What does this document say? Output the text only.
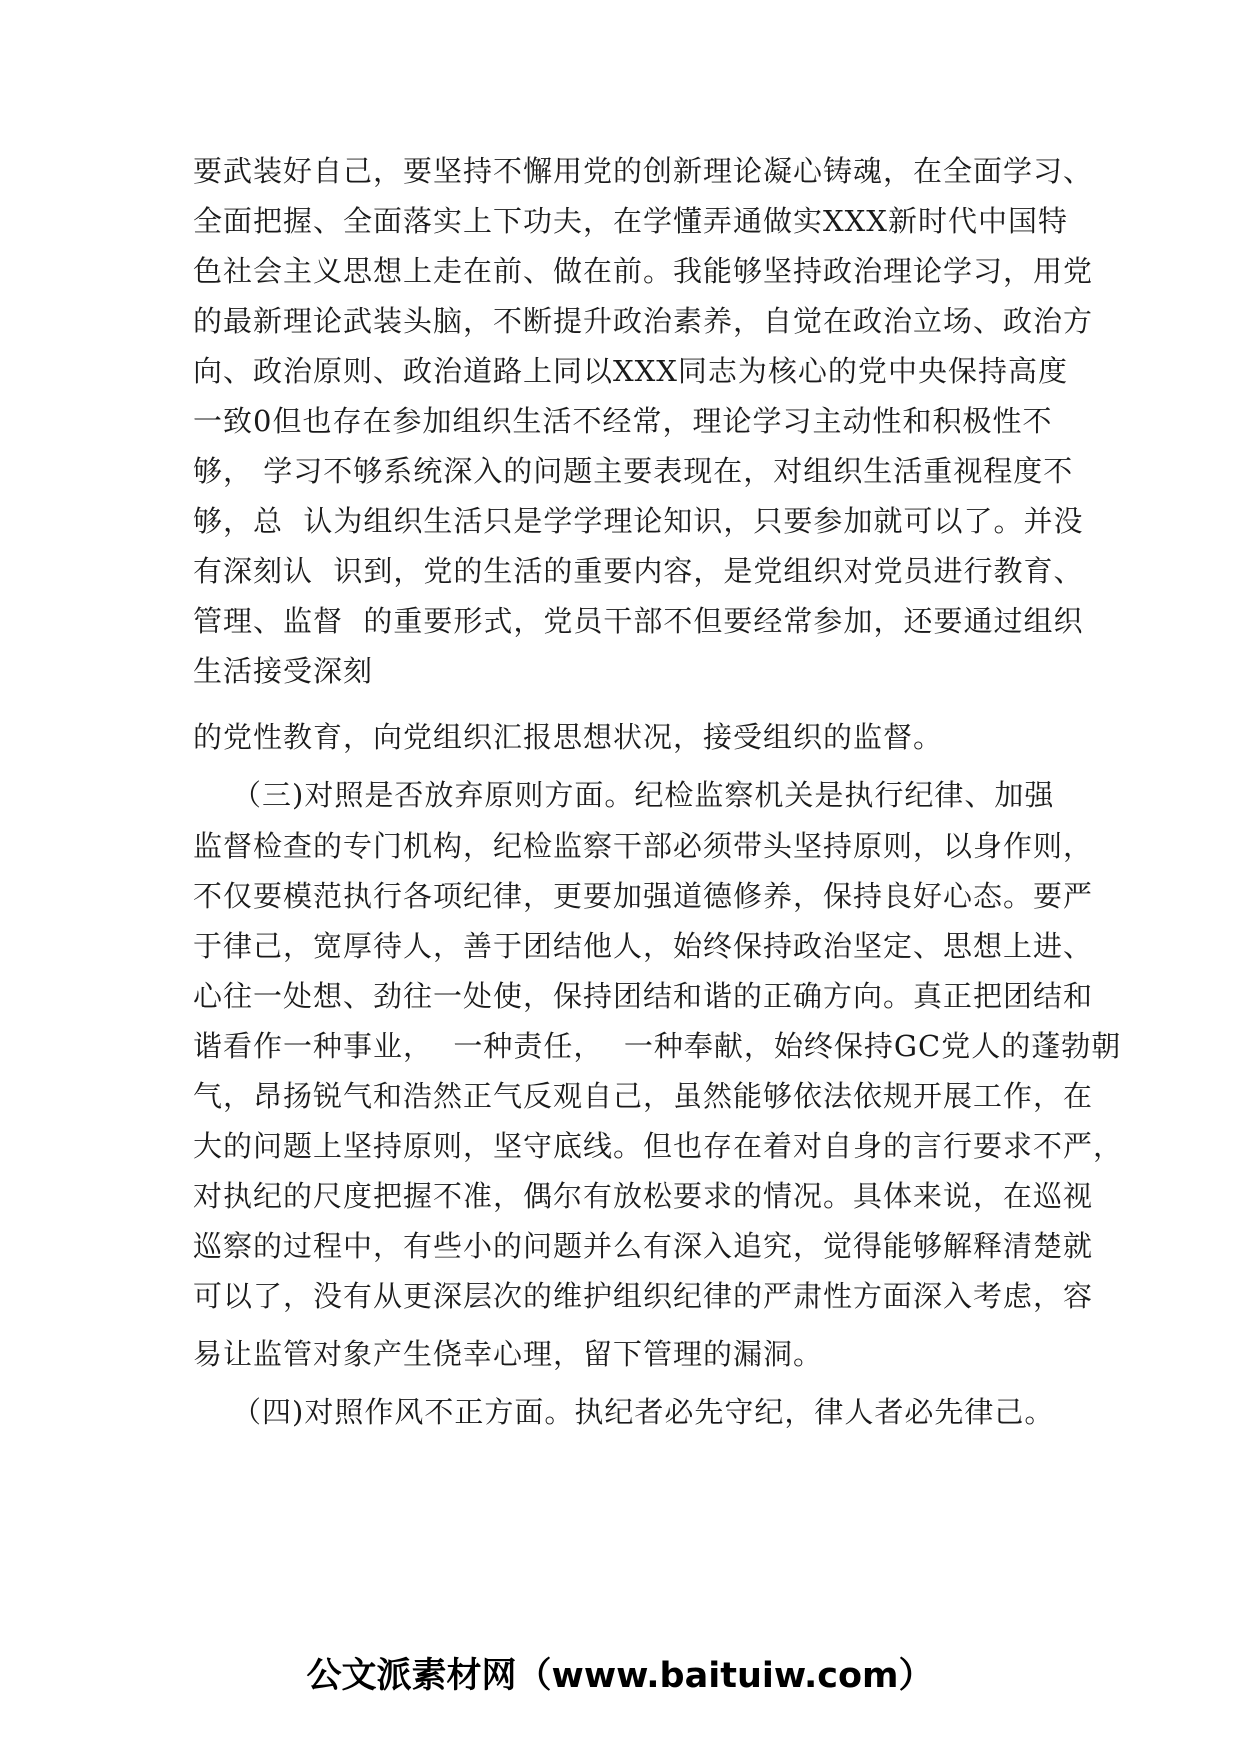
要武装好自己，要坚持不懈用党的创新理论凝心铸魂，在全面学习、
全面把握、全面落实上下功夫，在学懂弄通做实XXX新时代中国特
色社会主义思想上走在前、做在前。我能够坚持政治理论学习，用党
的最新理论武装头脑，不断提升政治素养，自觉在政治立场、政治方
向、政治原则、政治道路上同以XXX同志为核心的党中央保持高度
一致0但也存在参加组织生活不经常，理论学习主动性和积极性不
够， 学习不够系统深入的问题主要表现在，对组织生活重视程度不
够，总  认为组织生活只是学学理论知识，只要参加就可以了。并没
有深刻认  识到，党的生活的重要内容，是党组织对党员进行教育、
管理、监督  的重要形式，党员干部不但要经常参加，还要通过组织
生活接受深刻
的党性教育，向党组织汇报思想状况，接受组织的监督。
（三)对照是否放弃原则方面。纪检监察机关是执行纪律、加强
监督检查的专门机构，纪检监察干部必须带头坚持原则，以身作则，
不仅要模范执行各项纪律，更要加强道德修养，保持良好心态。要严
于律己，宽厚待人，善于团结他人，始终保持政治坚定、思想上进、
心往一处想、劲往一处使，保持团结和谐的正确方向。真正把团结和
谐看作一种事业，  一种责任，  一种奉献，始终保持GC党人的蓬勃朝
气，昂扬锐气和浩然正气反观自己，虽然能够依法依规开展工作，在
大的问题上坚持原则，坚守底线。但也存在着对自身的言行要求不严，
对执纪的尺度把握不准，偶尔有放松要求的情况。具体来说，在巡视
巡察的过程中，有些小的问题并么有深入追究，觉得能够解释清楚就
可以了，没有从更深层次的维护组织纪律的严肃性方面深入考虑，容
易让监管对象产生侥幸心理，留下管理的漏洞。
（四)对照作风不正方面。执纪者必先守纪，律人者必先律己。
公文派素材网（www.baituiw.com）
